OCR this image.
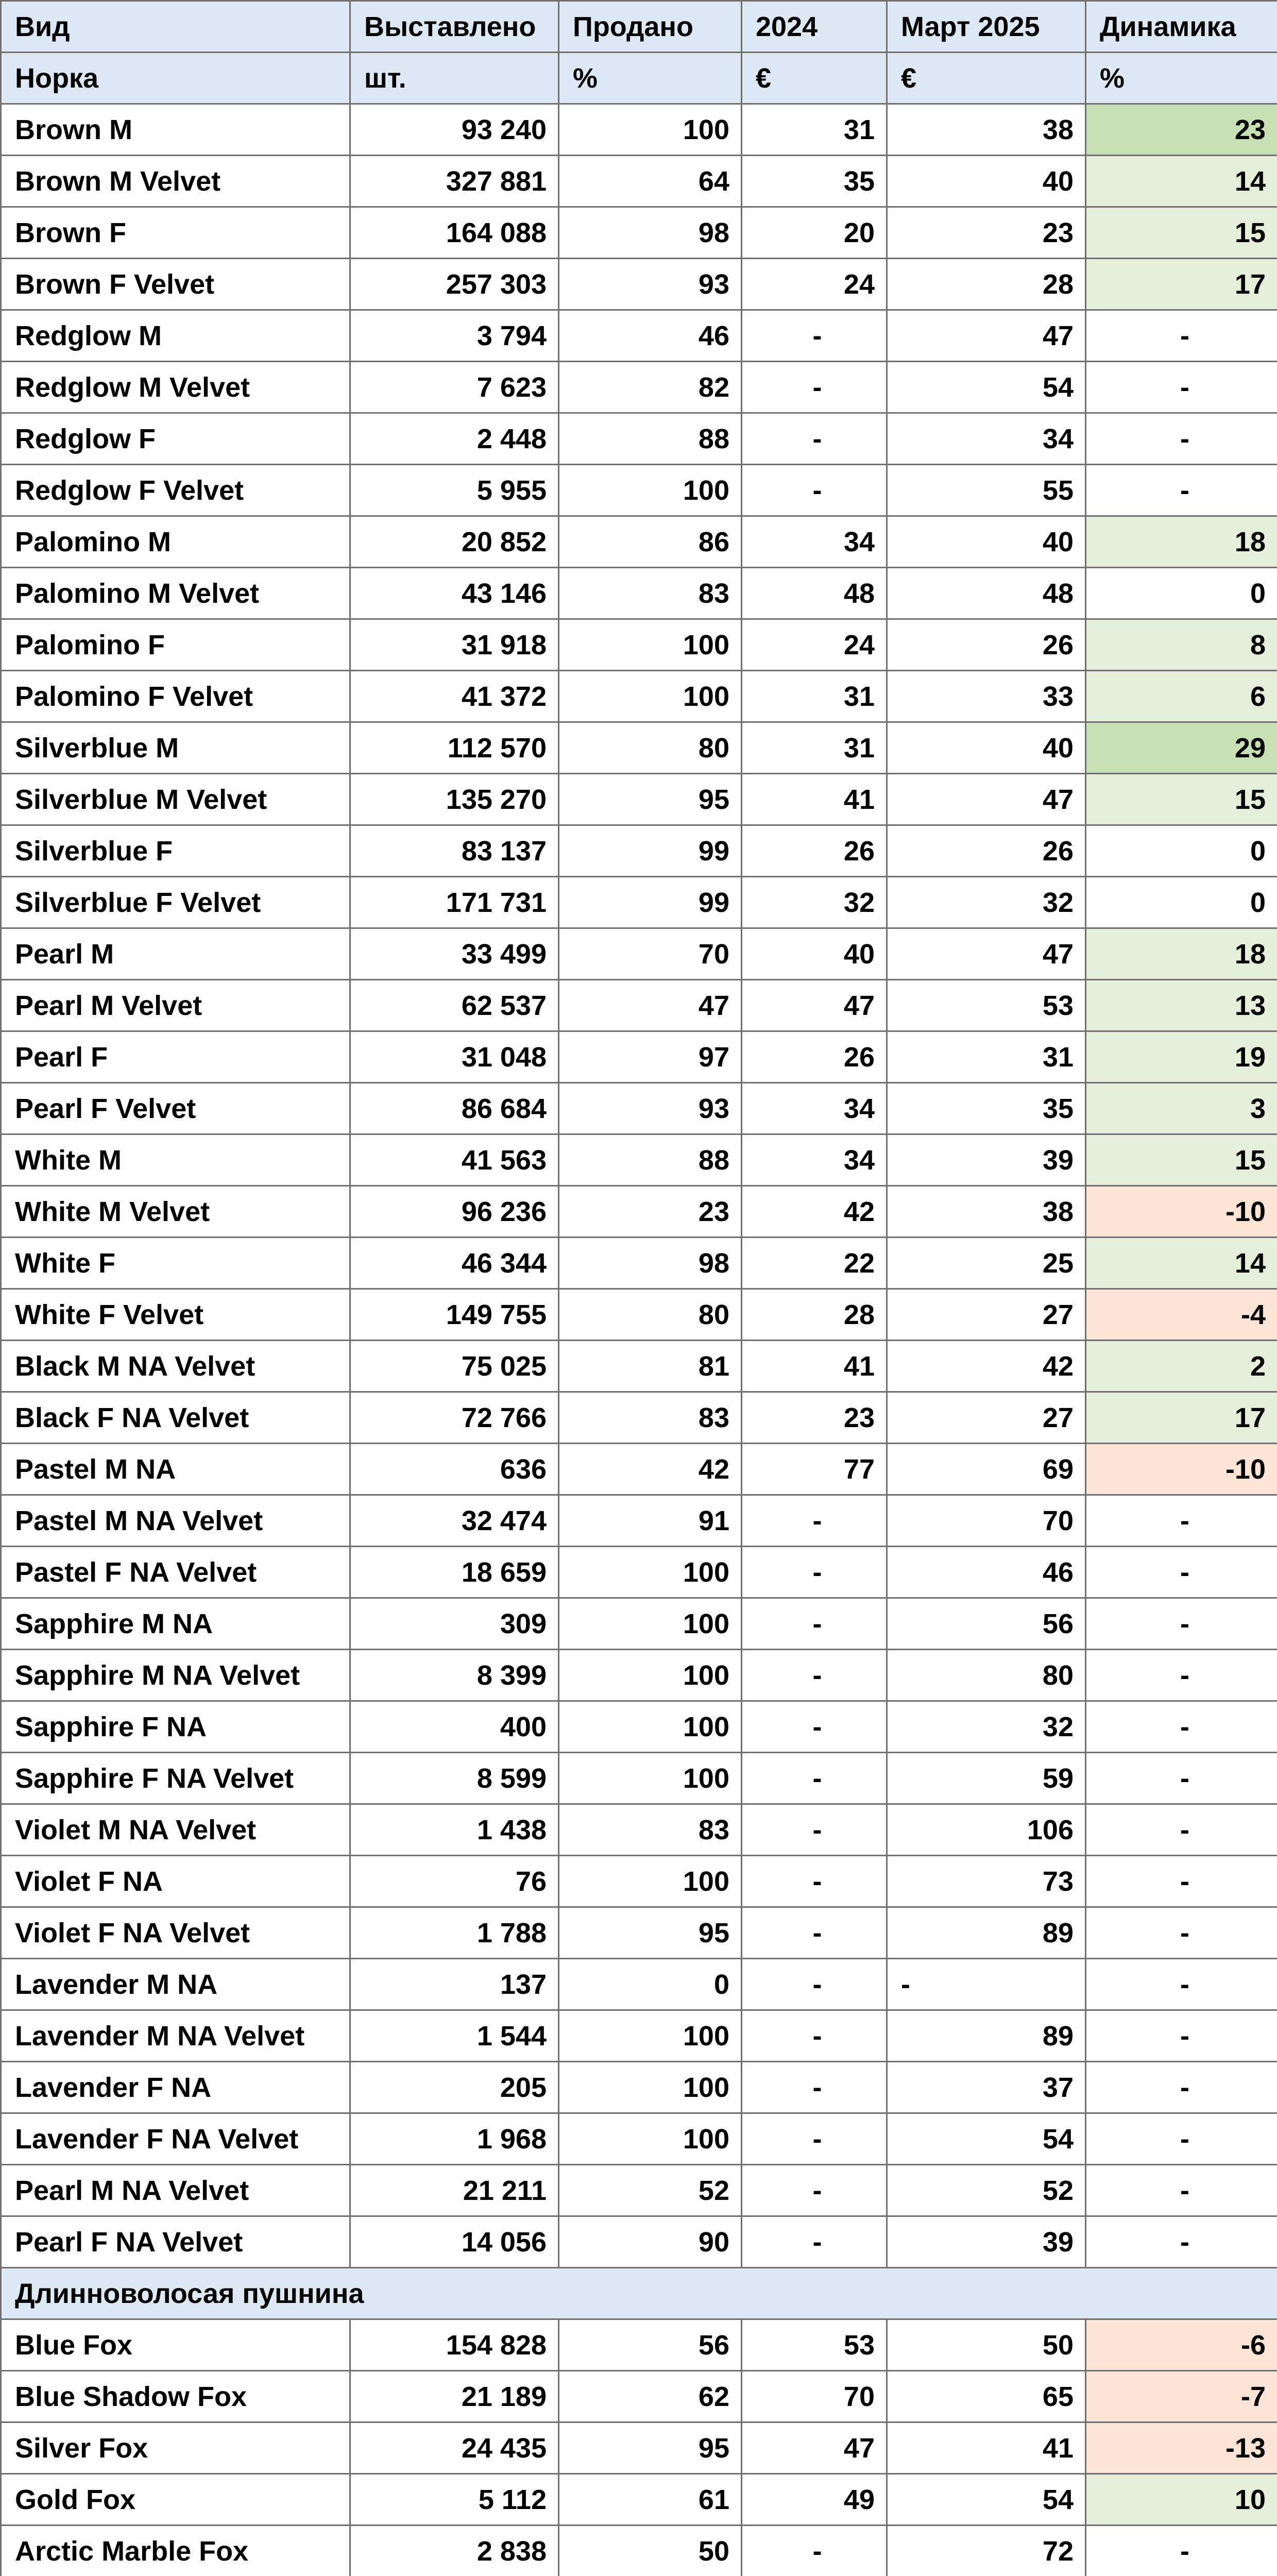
Вид	Выставлено	Продано	2024	Март 2025	Динамика
Норка	шт.	%	€	€	%
Brown M	93 240	100	31	38	23
Brown M Velvet	327 881	64	35	40	14
Brown F	164 088	98	20	23	15
Brown F Velvet	257 303	93	24	28	17
Redglow M	3 794	46	-	47	-
Redglow M Velvet	7 623	82	-	54	-
Redglow F	2 448	88	-	34	-
Redglow F Velvet	5 955	100	-	55	-
Palomino M	20 852	86	34	40	18
Palomino M Velvet	43 146	83	48	48	0
Palomino F	31 918	100	24	26	8
Palomino F Velvet	41 372	100	31	33	6
Silverblue M	112 570	80	31	40	29
Silverblue M Velvet	135 270	95	41	47	15
Silverblue F	83 137	99	26	26	0
Silverblue F Velvet	171 731	99	32	32	0
Pearl M	33 499	70	40	47	18
Pearl M Velvet	62 537	47	47	53	13
Pearl F	31 048	97	26	31	19
Pearl F Velvet	86 684	93	34	35	3
White M	41 563	88	34	39	15
White M Velvet	96 236	23	42	38	-10
White F	46 344	98	22	25	14
White F Velvet	149 755	80	28	27	-4
Black M NA Velvet	75 025	81	41	42	2
Black F NA Velvet	72 766	83	23	27	17
Pastel M NA	636	42	77	69	-10
Pastel M NA Velvet	32 474	91	-	70	-
Pastel F NA Velvet	18 659	100	-	46	-
Sapphire M NA	309	100	-	56	-
Sapphire M NA Velvet	8 399	100	-	80	-
Sapphire F NA	400	100	-	32	-
Sapphire F NA Velvet	8 599	100	-	59	-
Violet M NA Velvet	1 438	83	-	106	-
Violet F NA	76	100	-	73	-
Violet F NA Velvet	1 788	95	-	89	-
Lavender M NA	137	0	-	-	-
Lavender M NA Velvet	1 544	100	-	89	-
Lavender F NA	205	100	-	37	-
Lavender F NA Velvet	1 968	100	-	54	-
Pearl M NA Velvet	21 211	52	-	52	-
Pearl F NA Velvet	14 056	90	-	39	-
Длинноволосая пушнина					
Blue Fox	154 828	56	53	50	-6
Blue Shadow Fox	21 189	62	70	65	-7
Silver Fox	24 435	95	47	41	-13
Gold Fox	5 112	61	49	54	10
Arctic Marble Fox	2 838	50	-	72	-
